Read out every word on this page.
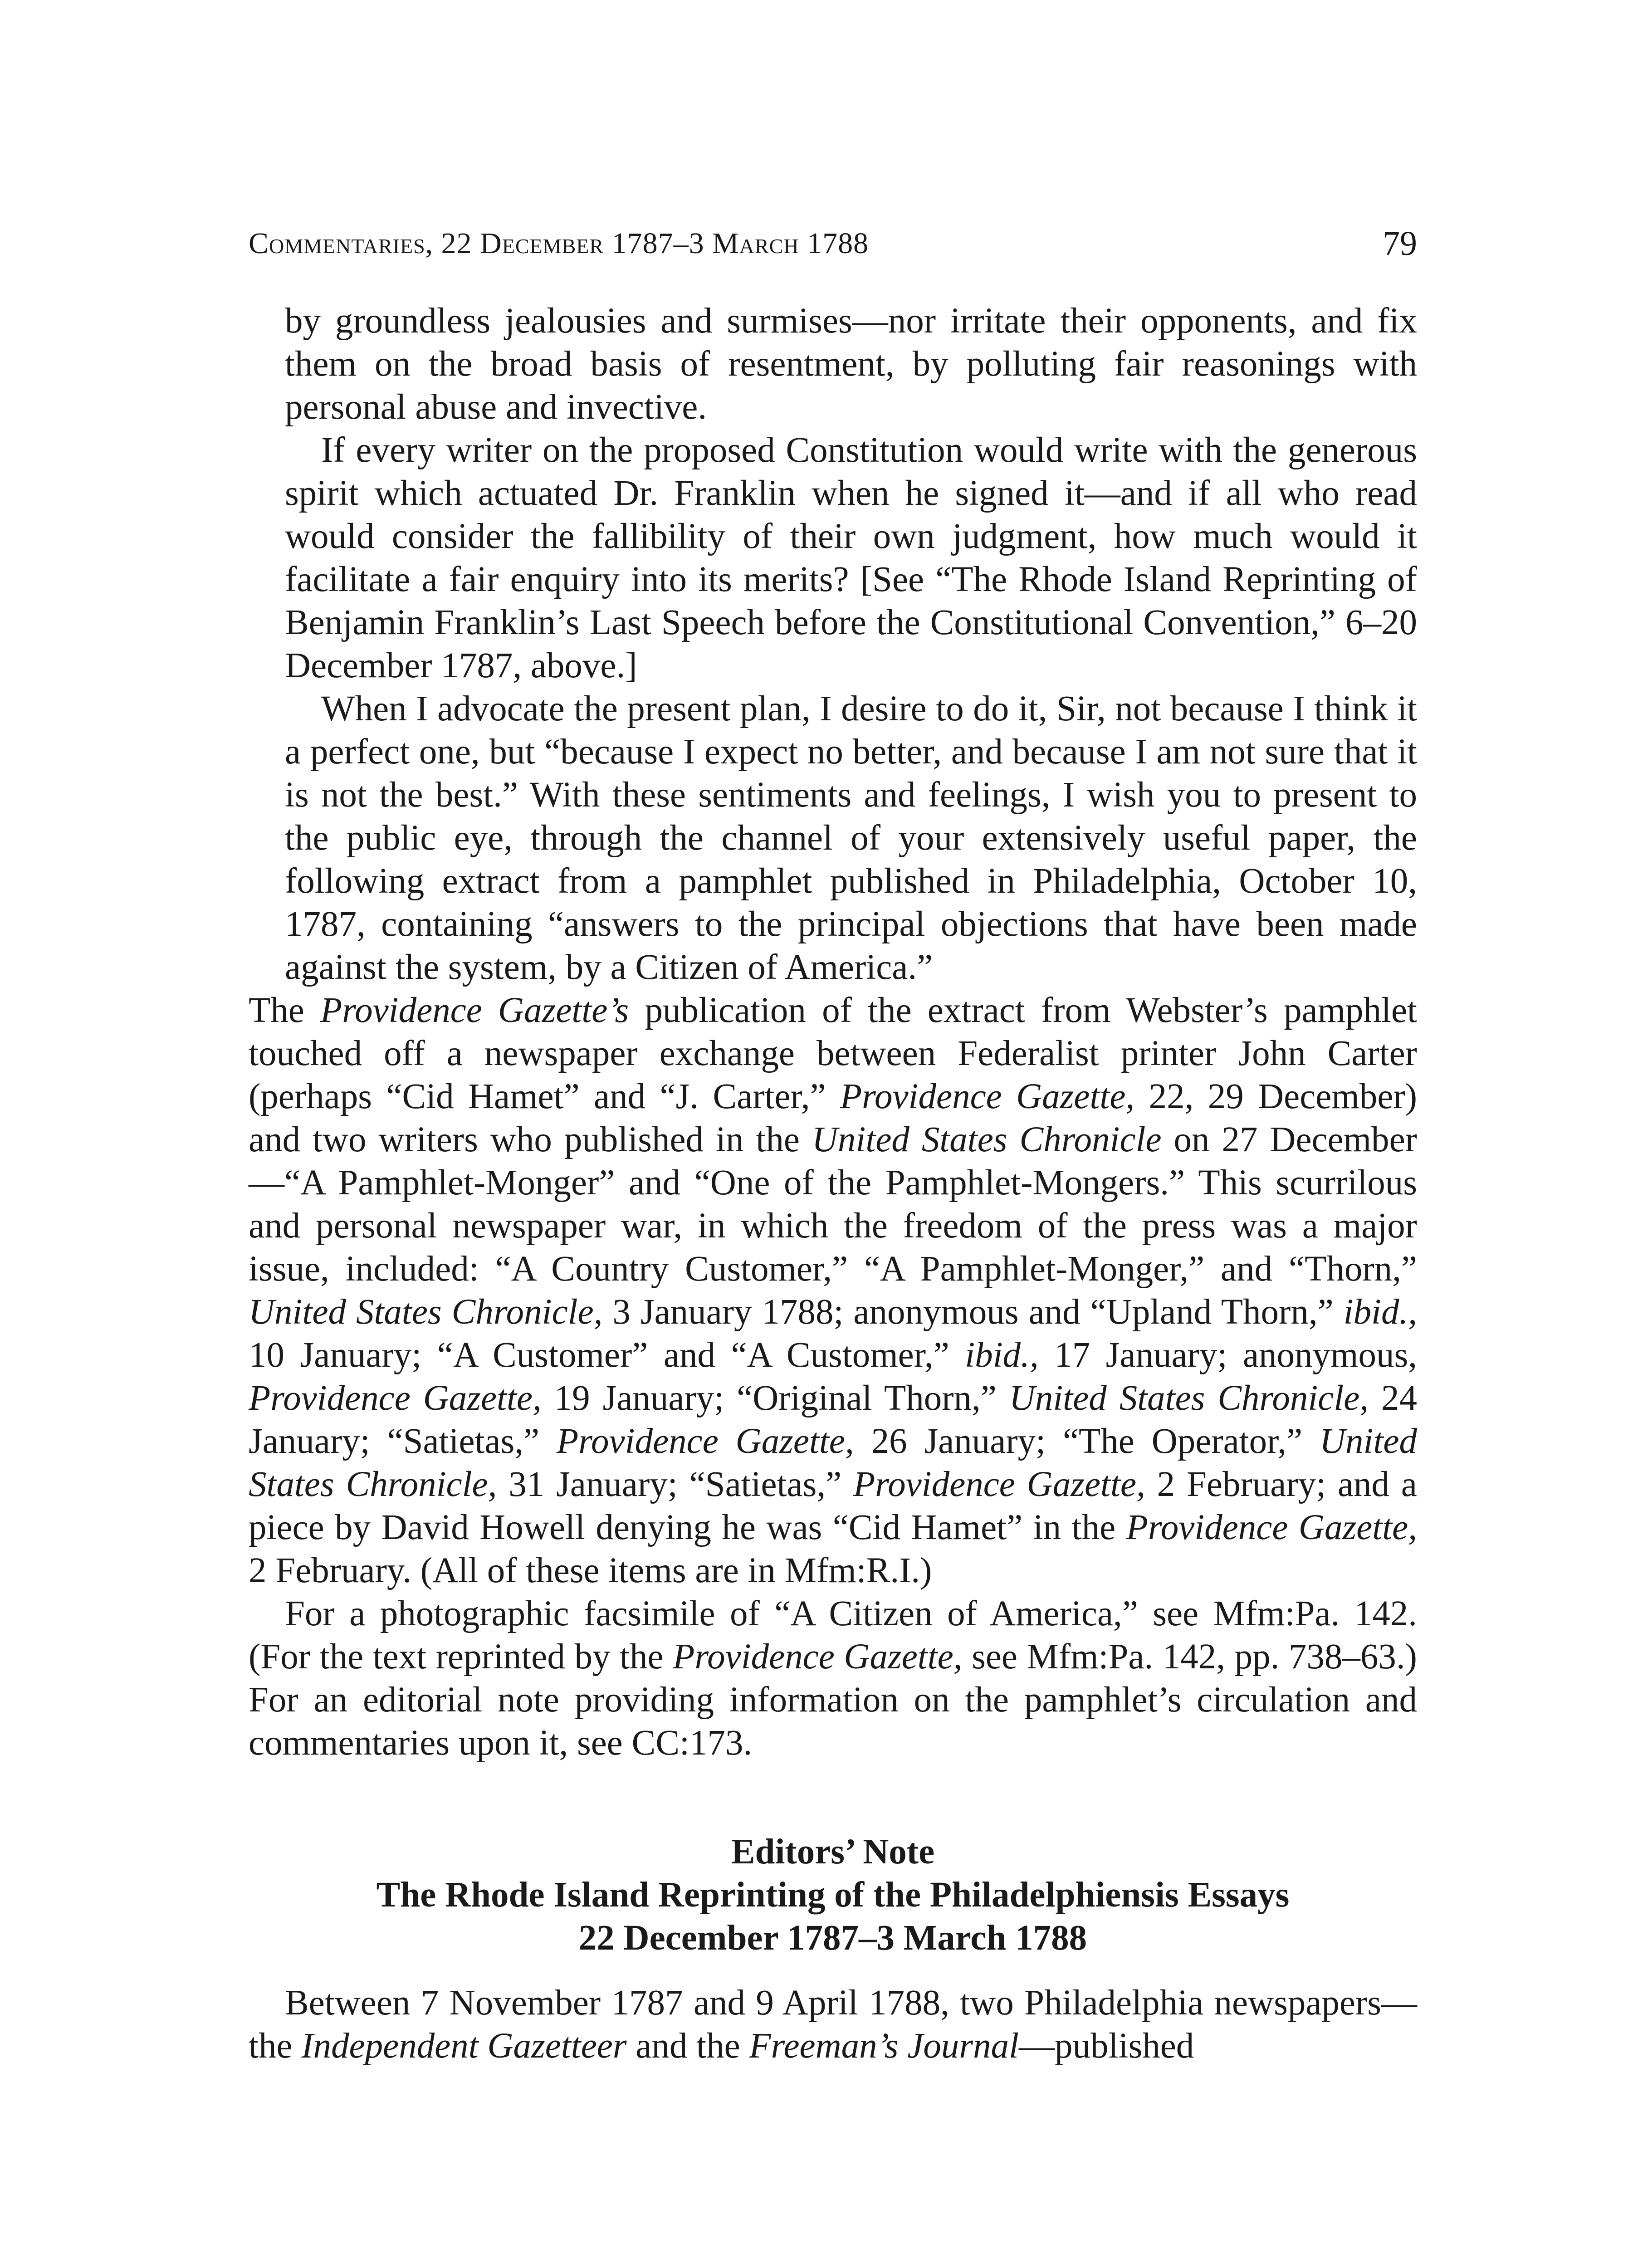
Commentaries, 22 December 1787–3 March 1788	79

by groundless jealousies and surmises—nor irritate their opponents, and fix them on the broad basis of resentment, by polluting fair reasonings with personal abuse and invective.

If every writer on the proposed Constitution would write with the generous spirit which actuated Dr. Franklin when he signed it—and if all who read would consider the fallibility of their own judgment, how much would it facilitate a fair enquiry into its merits? [See “The Rhode Island Reprinting of Benjamin Franklin’s Last Speech before the Constitutional Convention,” 6–20 December 1787, above.]

When I advocate the present plan, I desire to do it, Sir, not because I think it a perfect one, but “because I expect no better, and because I am not sure that it is not the best.” With these sentiments and feelings, I wish you to present to the public eye, through the channel of your extensively useful paper, the following extract from a pamphlet published in Philadelphia, October 10, 1787, containing “answers to the principal objections that have been made against the system, by a Citizen of America.”

The Providence Gazette’s publication of the extract from Webster’s pamphlet touched off a newspaper exchange between Federalist printer John Carter (perhaps “Cid Hamet” and “J. Carter,” Providence Gazette, 22, 29 December) and two writers who published in the United States Chronicle on 27 December—“A Pamphlet-Monger” and “One of the Pamphlet-Mongers.” This scurrilous and personal newspaper war, in which the freedom of the press was a major issue, included: “A Country Customer,” “A Pamphlet-Monger,” and “Thorn,” United States Chronicle, 3 January 1788; anonymous and “Upland Thorn,” ibid., 10 January; “A Customer” and “A Customer,” ibid., 17 January; anonymous, Providence Gazette, 19 January; “Original Thorn,” United States Chronicle, 24 January; “Satietas,” Providence Gazette, 26 January; “The Operator,” United States Chronicle, 31 January; “Satietas,” Providence Gazette, 2 February; and a piece by David Howell denying he was “Cid Hamet” in the Providence Gazette, 2 February. (All of these items are in Mfm:R.I.)

For a photographic facsimile of “A Citizen of America,” see Mfm:Pa. 142. (For the text reprinted by the Providence Gazette, see Mfm:Pa. 142, pp. 738–63.) For an editorial note providing information on the pamphlet’s circulation and commentaries upon it, see CC:173.

Editors’ Note
The Rhode Island Reprinting of the Philadelphiensis Essays
22 December 1787–3 March 1788

Between 7 November 1787 and 9 April 1788, two Philadelphia newspapers—the Independent Gazetteer and the Freeman’s Journal—published
